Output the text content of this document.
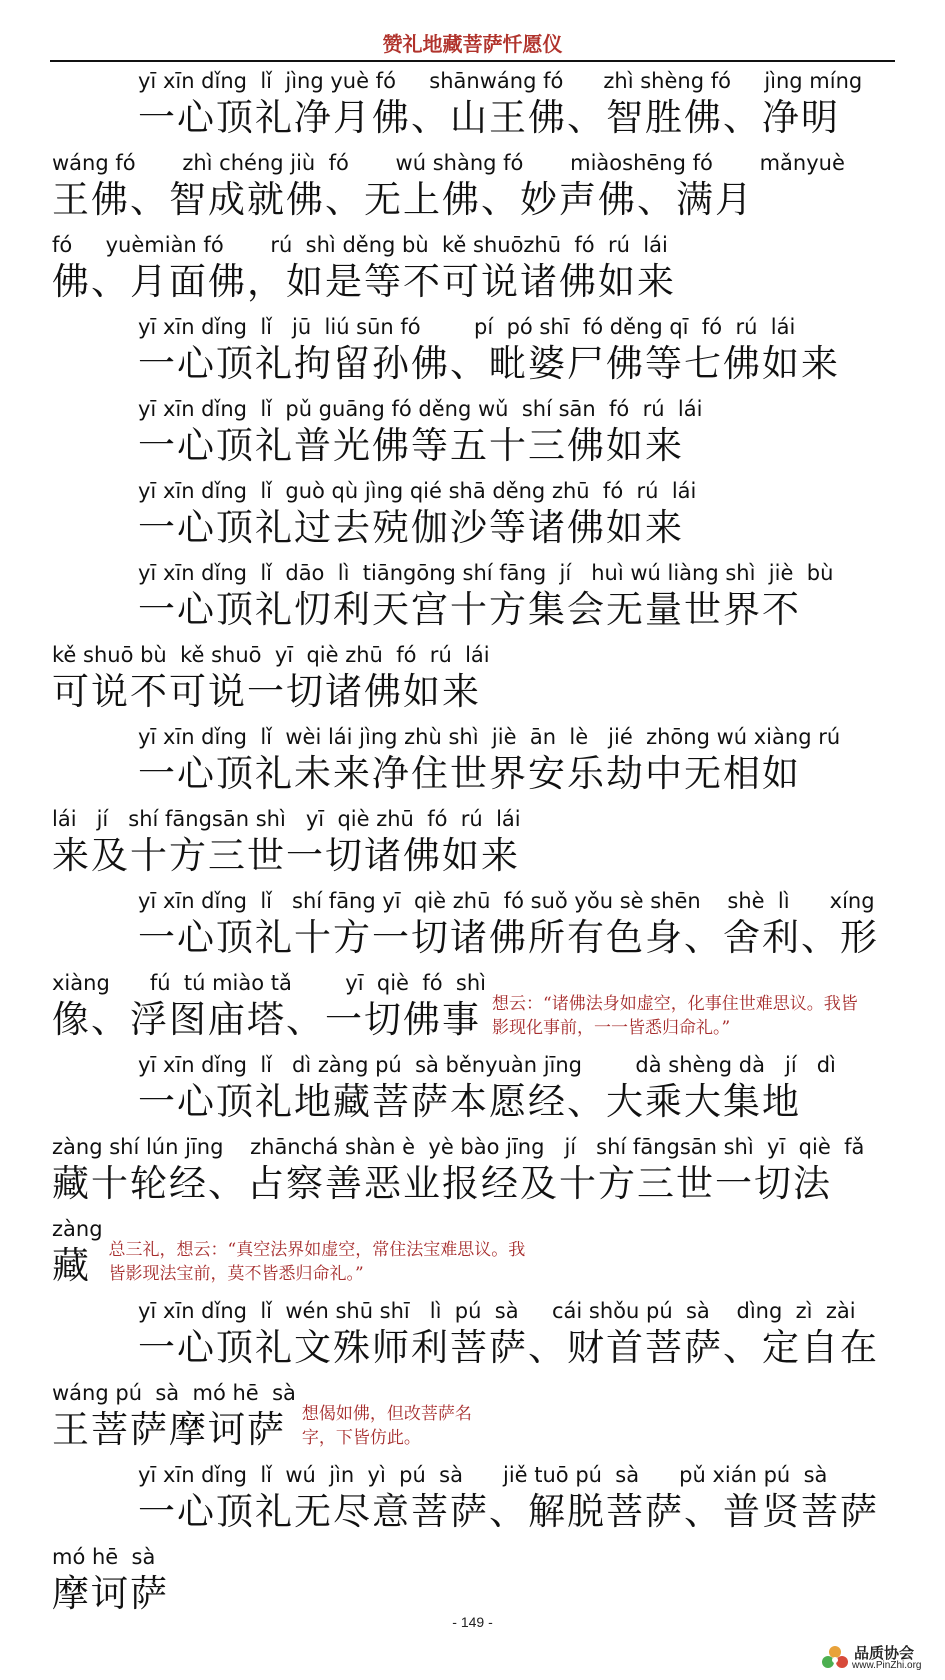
赞礼地藏菩萨忏愿仪
yī xīn dǐng  lǐ  jìng yuè fó     shānwáng fó      zhì shèng fó     jìng míng
一心顶礼净月佛、山王佛、智胜佛、净明
wáng fó       zhì chéng jiù  fó       wú shàng fó       miàoshēng fó       mǎnyuè
王佛、智成就佛、无上佛、妙声佛、满月
fó     yuèmiàn fó       rú  shì děng bù  kě shuōzhū  fó  rú  lái
佛、月面佛，如是等不可说诸佛如来
yī xīn dǐng  lǐ   jū  liú sūn fó        pí  pó shī  fó děng qī  fó  rú  lái
一心顶礼拘留孙佛、毗婆尸佛等七佛如来
yī xīn dǐng  lǐ  pǔ guāng fó děng wǔ  shí sān  fó  rú  lái
一心顶礼普光佛等五十三佛如来
yī xīn dǐng  lǐ  guò qù jìng qié shā děng zhū  fó  rú  lái
一心顶礼过去殑伽沙等诸佛如来
yī xīn dǐng  lǐ  dāo  lì  tiāngōng shí fāng  jí   huì wú liàng shì  jiè  bù
一心顶礼忉利天宫十方集会无量世界不
kě shuō bù  kě shuō  yī  qiè zhū  fó  rú  lái
可说不可说一切诸佛如来
yī xīn dǐng  lǐ  wèi lái jìng zhù shì  jiè  ān  lè   jié  zhōng wú xiàng rú
一心顶礼未来净住世界安乐劫中无相如
lái   jí   shí fāngsān shì   yī  qiè zhū  fó  rú  lái
来及十方三世一切诸佛如来
yī xīn dǐng  lǐ   shí fāng yī  qiè zhū  fó suǒ yǒu sè shēn    shè  lì      xíng
一心顶礼十方一切诸佛所有色身、舍利、形
xiàng      fú  tú miào tǎ        yī  qiè  fó  shì
像、浮图庙塔、一切佛事 想云：“诸佛法身如虚空，化事住世难思议。我皆影现化事前，一一皆悉归命礼。”
yī xīn dǐng  lǐ   dì zàng pú  sà běnyuàn jīng        dà shèng dà   jí   dì
一心顶礼地藏菩萨本愿经、大乘大集地
zàng shí lún jīng    zhānchá shàn è  yè bào jīng   jí   shí fāngsān shì  yī  qiè  fǎ
藏十轮经、占察善恶业报经及十方三世一切法
zàng
藏	总三礼，想云：“真空法界如虚空，常住法宝难思议。我皆影现法宝前，莫不皆悉归命礼。”
yī xīn dǐng  lǐ  wén shū shī   lì  pú  sà     cái shǒu pú  sà    dìng  zì  zài
一心顶礼文殊师利菩萨、财首菩萨、定自在
wáng pú  sà  mó hē  sà
王菩萨摩诃萨 想偈如佛，但改菩萨名字，下皆仿此。
yī xīn dǐng  lǐ  wú  jìn  yì  pú  sà      jiě tuō pú  sà      pǔ xián pú  sà
一心顶礼无尽意菩萨、解脱菩萨、普贤菩萨
mó hē  sà
摩诃萨
- 149 -
品质协会
www.PinZhi.org
